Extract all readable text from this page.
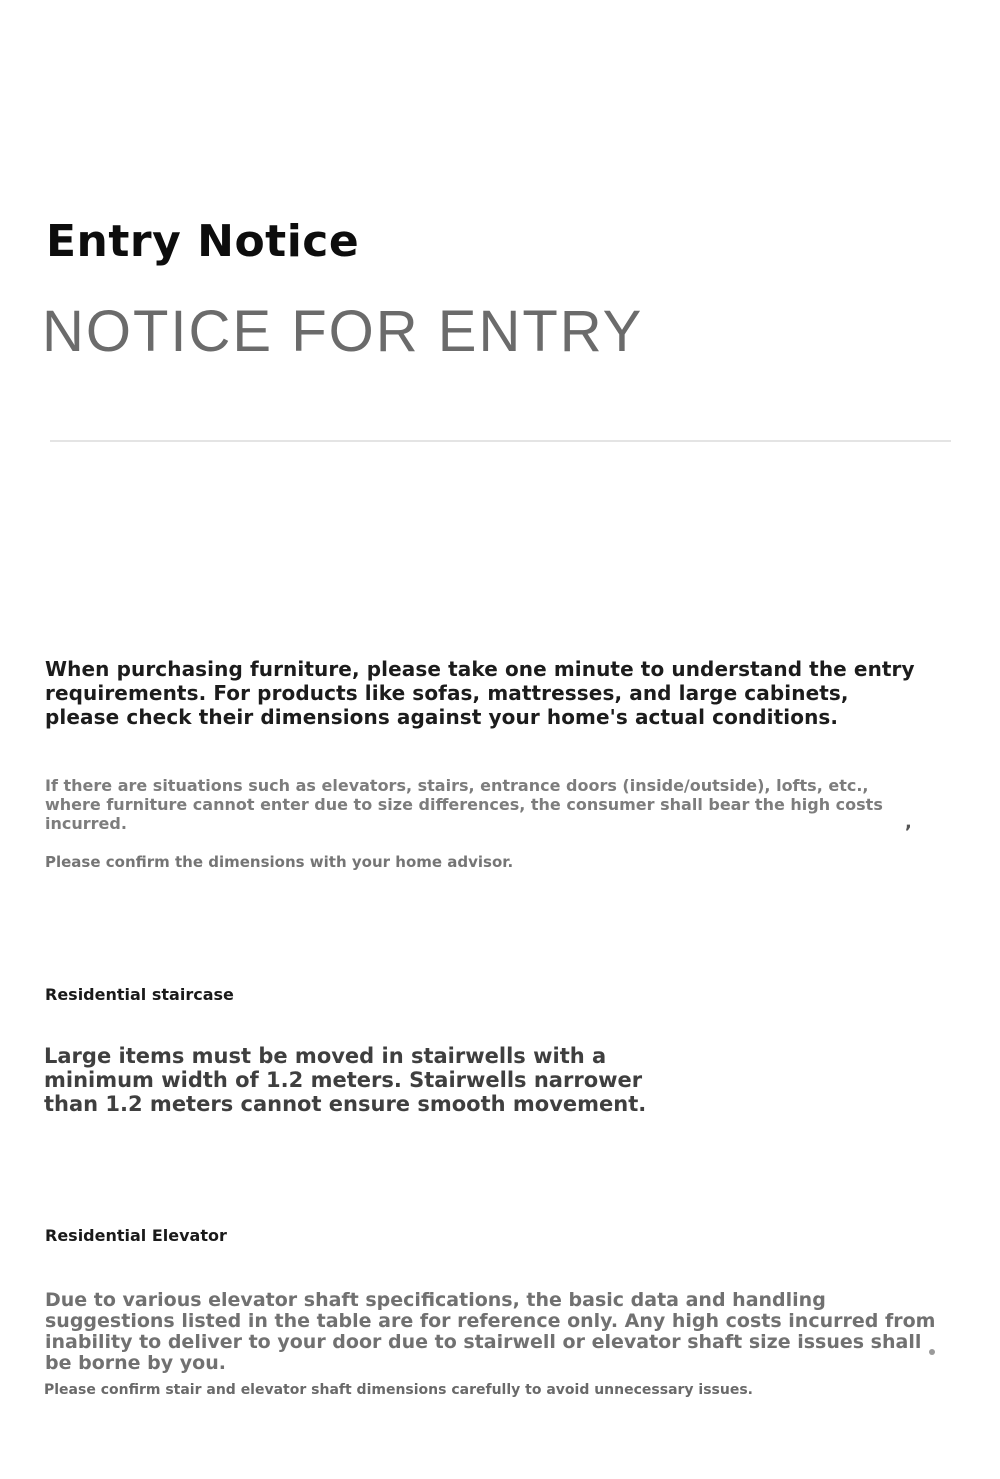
Entry Notice
NOTICE FOR ENTRY
When purchasing furniture, please take one minute to understand the entry requirements. For products like sofas, mattresses, and large cabinets, please check their dimensions against your home's actual conditions.
If there are situations such as elevators, stairs, entrance doors (inside/outside), lofts, etc., where furniture cannot enter due to size differences, the consumer shall bear the high costs incurred.	,
Please confirm the dimensions with your home advisor.
Residential staircase
Large items must be moved in stairwells with a minimum width of 1.2 meters. Stairwells narrower than 1.2 meters cannot ensure smooth movement.
Residential Elevator
Due to various elevator shaft specifications, the basic data and handling suggestions listed in the table are for reference only. Any high costs incurred from inability to deliver to your door due to stairwell or elevator shaft size issues shall be borne by you.
Please confirm stair and elevator shaft dimensions carefully to avoid unnecessary issues.
